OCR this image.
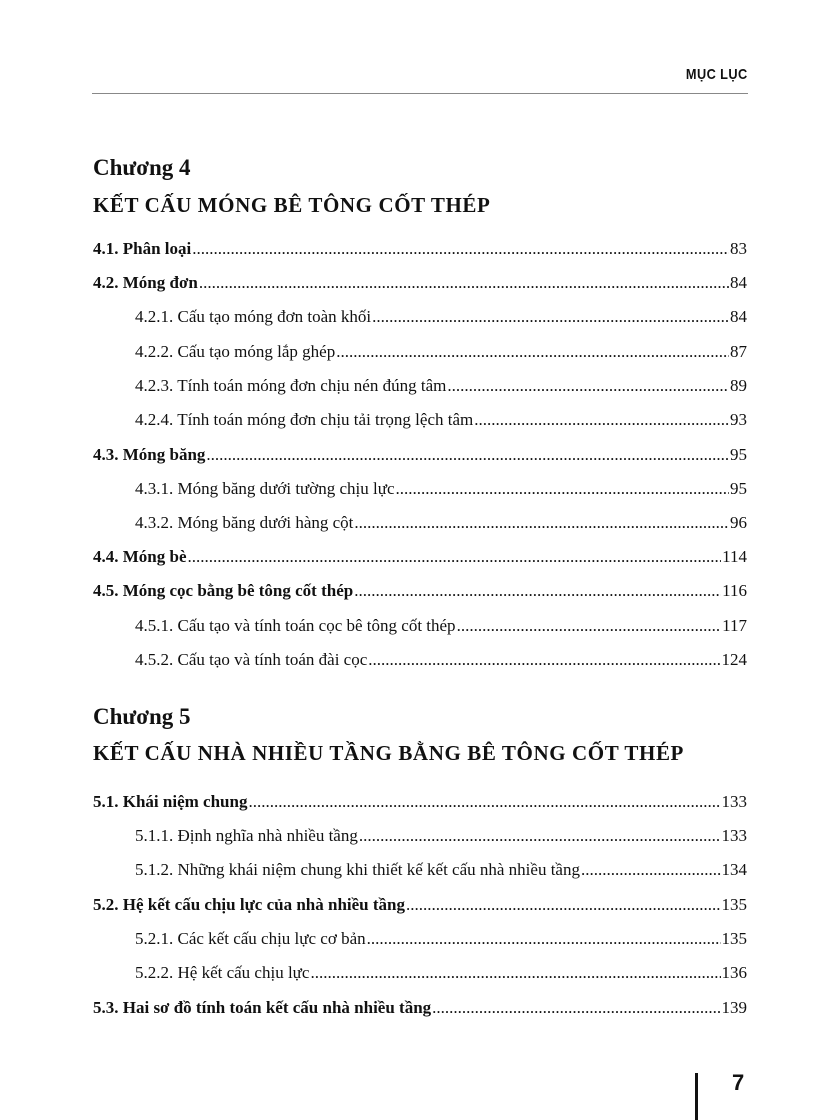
MỤC LỤC
Chương 4
KẾT CẤU MÓNG BÊ TÔNG CỐT THÉP
4.1. Phân loại .....	83
4.2. Móng đơn .....	84
4.2.1. Cấu tạo móng đơn toàn khối .....	84
4.2.2. Cấu tạo móng lắp ghép .....	87
4.2.3. Tính toán móng đơn chịu nén đúng tâm .....	89
4.2.4. Tính toán móng đơn chịu tải trọng lệch tâm .....	93
4.3. Móng băng .....	95
4.3.1. Móng băng dưới tường chịu lực .....	95
4.3.2. Móng băng dưới hàng cột .....	96
4.4. Móng bè .....	114
4.5. Móng cọc bằng bê tông cốt thép .....	116
4.5.1. Cấu tạo và tính toán cọc bê tông cốt thép .....	117
4.5.2. Cấu tạo và tính toán đài cọc .....	124
Chương 5
KẾT CẤU NHÀ NHIỀU TẦNG BẰNG BÊ TÔNG CỐT THÉP
5.1. Khái niệm chung .....	133
5.1.1. Định nghĩa nhà nhiều tầng .....	133
5.1.2. Những khái niệm chung khi thiết kế kết cấu nhà nhiều tầng .....	134
5.2. Hệ kết cấu chịu lực của nhà nhiều tầng .....	135
5.2.1. Các kết cấu chịu lực cơ bản .....	135
5.2.2. Hệ kết cấu chịu lực .....	136
5.3. Hai sơ đồ tính toán kết cấu nhà nhiều tầng .....	139
7
